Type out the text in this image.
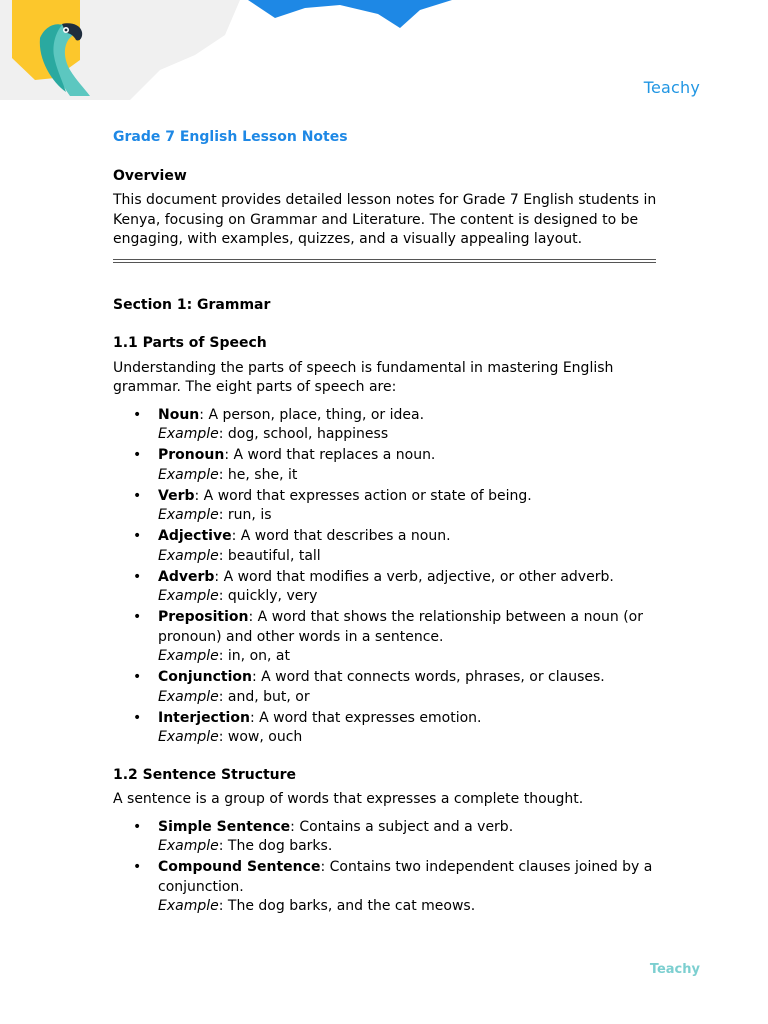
Teachy
Grade 7 English Lesson Notes
Overview

This document provides detailed lesson notes for Grade 7 English students in Kenya, focusing on Grammar and Literature. The content is designed to be engaging, with examples, quizzes, and a visually appealing layout.

Section 1: Grammar
1.1 Parts of Speech

Understanding the parts of speech is fundamental in mastering English grammar. The eight parts of speech are:

• Noun: A person, place, thing, or idea.
Example: dog, school, happiness
• Pronoun: A word that replaces a noun.
Example: he, she, it
• Verb: A word that expresses action or state of being.
Example: run, is
• Adjective: A word that describes a noun.
Example: beautiful, tall
• Adverb: A word that modifies a verb, adjective, or other adverb.
Example: quickly, very
• Preposition: A word that shows the relationship between a noun (or pronoun) and other words in a sentence.
Example: in, on, at
• Conjunction: A word that connects words, phrases, or clauses.
Example: and, but, or
• Interjection: A word that expresses emotion.
Example: wow, ouch
1.2 Sentence Structure

A sentence is a group of words that expresses a complete thought.

• Simple Sentence: Contains a subject and a verb.
Example: The dog barks.
• Compound Sentence: Contains two independent clauses joined by a conjunction.
Example: The dog barks, and the cat meows.
Teachy
